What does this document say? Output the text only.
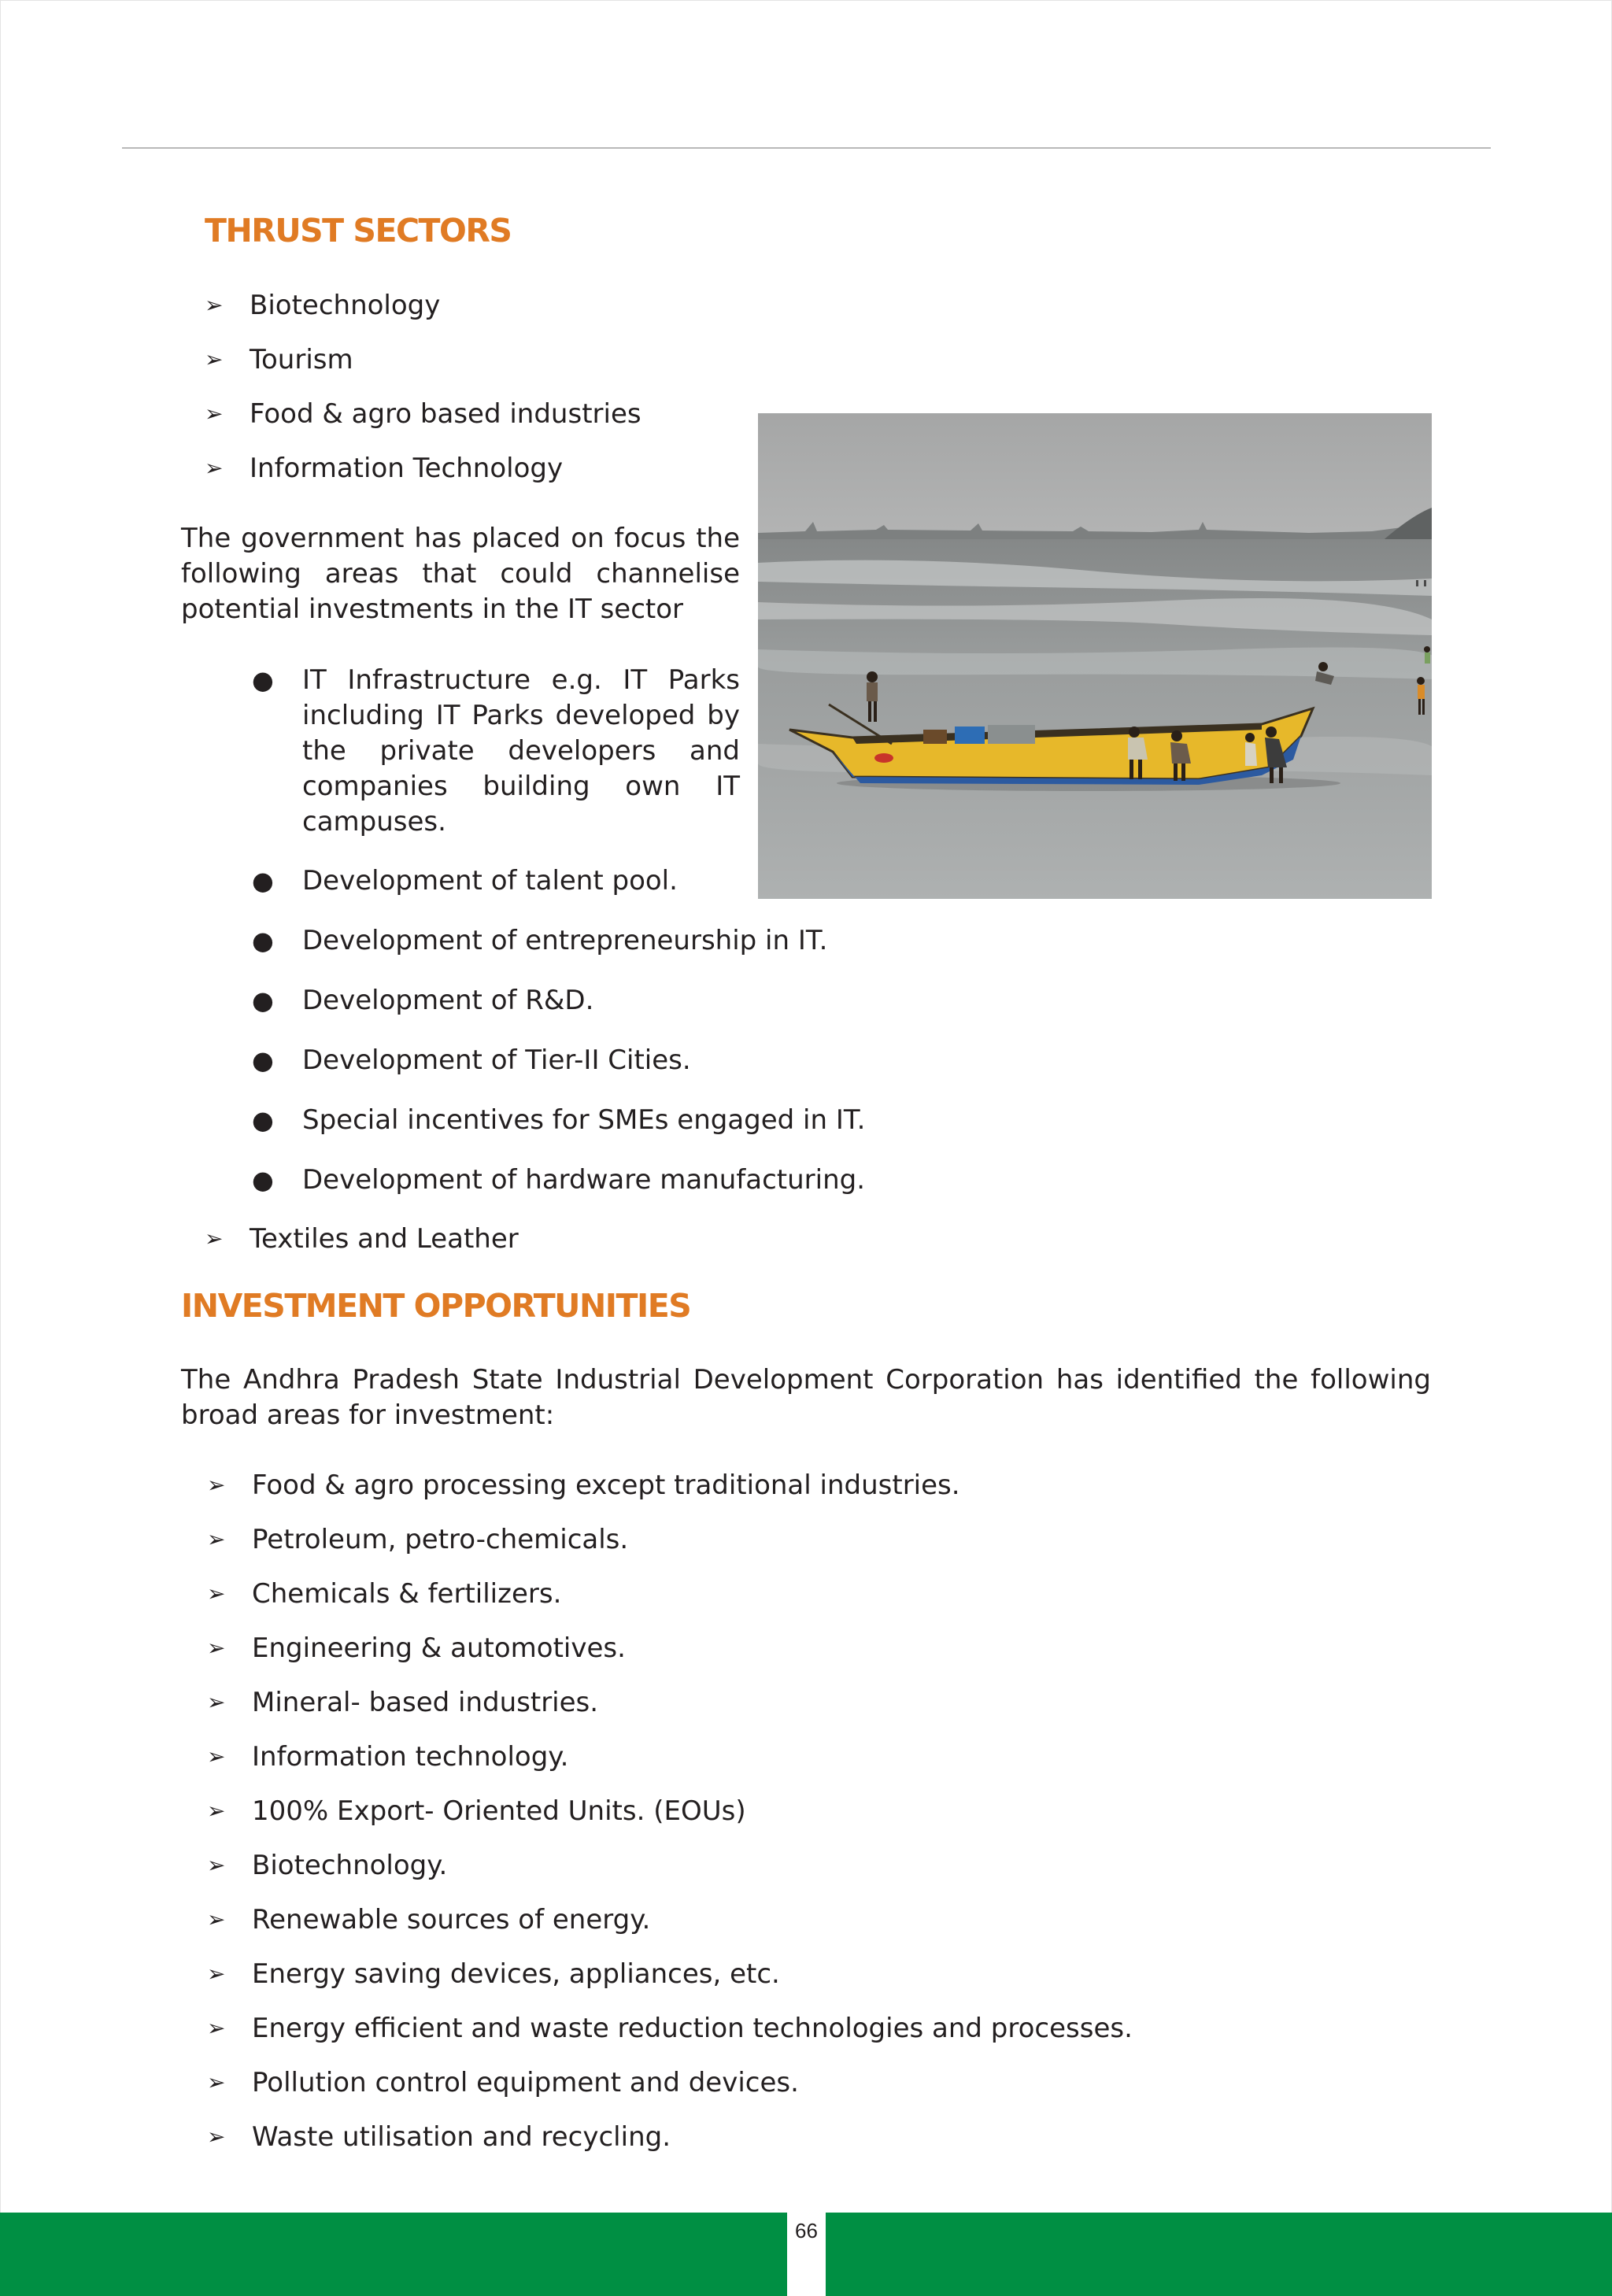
THRUST SECTORS
➢ Biotechnology
➢ Tourism
➢ Food & agro based industries
➢ Information Technology

The government has placed on focus the following areas that could channelise potential investments in the IT sector

● IT Infrastructure e.g. IT Parks including IT Parks developed by the private developers and companies building own IT campuses.

● Development of talent pool.
● Development of entrepreneurship in IT.
● Development of R&D.
● Development of Tier-II Cities.
● Special incentives for SMEs engaged in IT.
● Development of hardware manufacturing.
➢ Textiles and Leather
INVESTMENT OPPORTUNITIES

The Andhra Pradesh State Industrial Development Corporation has identified the following broad areas for investment:

➢ Food & agro processing except traditional industries.
➢ Petroleum, petro-chemicals.
➢ Chemicals & fertilizers.
➢ Engineering & automotives.
➢ Mineral- based industries.
➢ Information technology.
➢ 100% Export- Oriented Units. (EOUs)
➢ Biotechnology.
➢ Renewable sources of energy.
➢ Energy saving devices, appliances, etc.
➢ Energy efficient and waste reduction technologies and processes.
➢ Pollution control equipment and devices.
➢ Waste utilisation and recycling.
66
